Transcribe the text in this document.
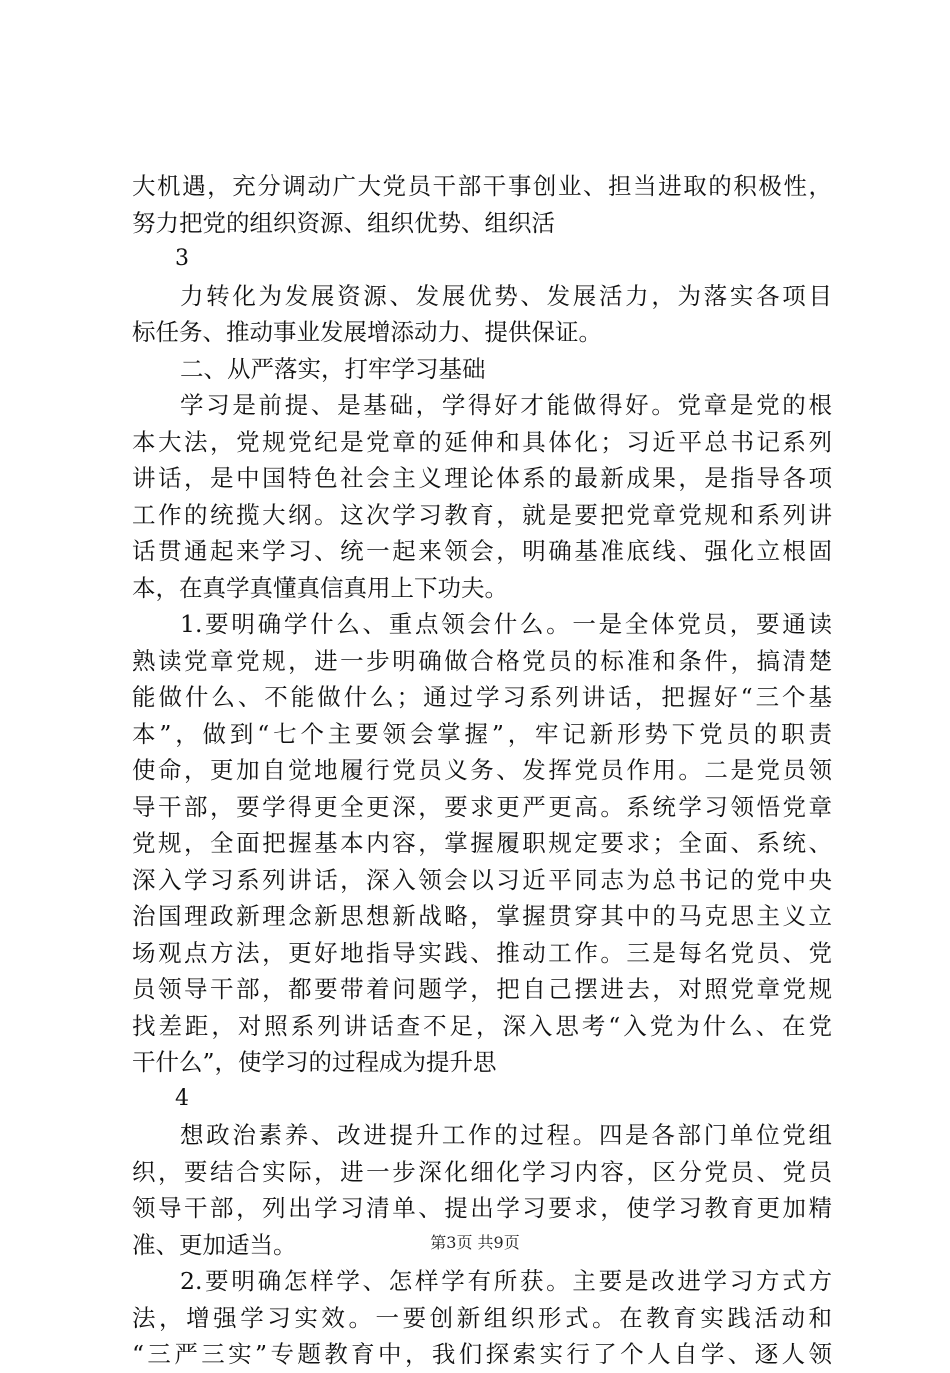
大机遇，充分调动广大党员干部干事创业、担当进取的积极性，
努力把党的组织资源、组织优势、组织活
3
力转化为发展资源、发展优势、发展活力，为落实各项目
标任务、推动事业发展增添动力、提供保证。
二、从严落实，打牢学习基础
学习是前提、是基础，学得好才能做得好。党章是党的根
本大法，党规党纪是党章的延伸和具体化；习近平总书记系列
讲话，是中国特色社会主义理论体系的最新成果，是指导各项
工作的统揽大纲。这次学习教育，就是要把党章党规和系列讲
话贯通起来学习、统一起来领会，明确基准底线、强化立根固
本，在真学真懂真信真用上下功夫。
1.要明确学什么、重点领会什么。一是全体党员，要通读
熟读党章党规，进一步明确做合格党员的标准和条件，搞清楚
能做什么、不能做什么；通过学习系列讲话，把握好“三个基
本”，做到“七个主要领会掌握”，牢记新形势下党员的职责
使命，更加自觉地履行党员义务、发挥党员作用。二是党员领
导干部，要学得更全更深，要求更严更高。系统学习领悟党章
党规，全面把握基本内容，掌握履职规定要求；全面、系统、
深入学习系列讲话，深入领会以习近平同志为总书记的党中央
治国理政新理念新思想新战略，掌握贯穿其中的马克思主义立
场观点方法，更好地指导实践、推动工作。三是每名党员、党
员领导干部，都要带着问题学，把自己摆进去，对照党章党规
找差距，对照系列讲话查不足，深入思考“入党为什么、在党
干什么”，使学习的过程成为提升思
4
想政治素养、改进提升工作的过程。四是各部门单位党组
织，要结合实际，进一步深化细化学习内容，区分党员、党员
领导干部，列出学习清单、提出学习要求，使学习教育更加精
准、更加适当。
2.要明确怎样学、怎样学有所获。主要是改进学习方式方
法，增强学习实效。一要创新组织形式。在教育实践活动和
“三严三实”专题教育中，我们探索实行了个人自学、逐人领
第3页 共9页
